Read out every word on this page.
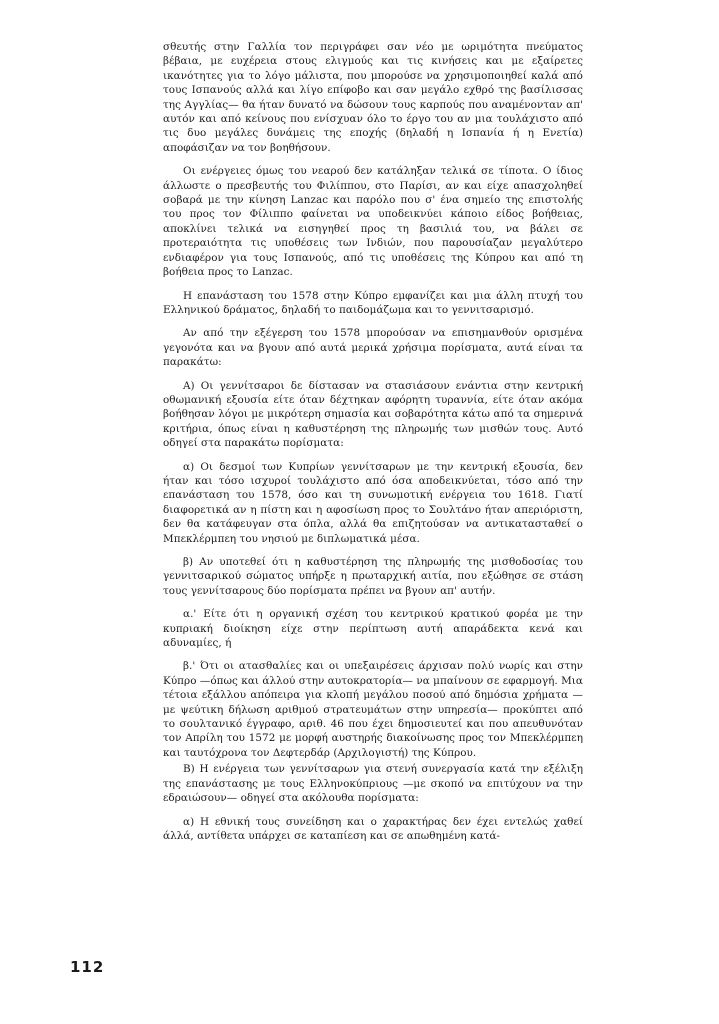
σθευτής στην Γαλλία τον περιγράφει σαν νέο με ωριμότητα πνεύματος βέβαια, με ευχέρεια στους ελιγμούς και τις κινήσεις και με εξαίρετες ικανότητες για το λόγο μάλιστα, που μπορούσε να χρησιμοποιηθεί καλά από τους Ισπανούς αλλά και λίγο επίφοβο και σαν μεγάλο εχθρό της βασίλισσας της Αγγλίας— θα ήταν δυνατό να δώσουν τους καρπούς που αναμένονταν απ' αυτόν και από κείνους που ενίσχυαν όλο το έργο του αν μια τουλάχιστο από τις δυο μεγάλες δυνάμεις της εποχής (δηλαδή η Ισπανία ή η Ενετία) αποφάσιζαν να τον βοηθήσουν.

Οι ενέργειες όμως του νεαρού δεν κατάληξαν τελικά σε τίποτα. Ο ίδιος άλλωστε ο πρεσβευτής του Φιλίππου, στο Παρίσι, αν και είχε απασχοληθεί σοβαρά με την κίνηση Lanzac και παρόλο που σ' ένα σημείο της επιστολής του προς τον Φίλιππο φαίνεται να υποδεικνύει κάποιο είδος βοήθειας, αποκλίνει τελικά να εισηγηθεί προς τη βασιλιά του, να βάλει σε προτεραιότητα τις υποθέσεις των Ινδιών, που παρουσίαζαν μεγαλύτερο ενδιαφέρον για τους Ισπανούς, από τις υποθέσεις της Κύπρου και από τη βοήθεια προς το Lanzac.

Η επανάσταση του 1578 στην Κύπρο εμφανίζει και μια άλλη πτυχή του Ελληνικού δράματος, δηλαδή το παιδομάζωμα και το γεννιτσαρισμό.

Αν από την εξέγερση του 1578 μπορούσαν να επισημανθούν ορισμένα γεγονότα και να βγουν από αυτά μερικά χρήσιμα πορίσματα, αυτά είναι τα παρακάτω:

Α) Οι γεννίτσαροι δε δίστασαν να στασιάσουν ενάντια στην κεντρική οθωμανική εξουσία είτε όταν δέχτηκαν αφόρητη τυραννία, είτε όταν ακόμα βοήθησαν λόγοι με μικρότερη σημασία και σοβαρότητα κάτω από τα σημερινά κριτήρια, όπως είναι η καθυστέρηση της πληρωμής των μισθών τους. Αυτό οδηγεί στα παρακάτω πορίσματα:

α) Οι δεσμοί των Κυπρίων γεννίτσαρων με την κεντρική εξουσία, δεν ήταν και τόσο ισχυροί τουλάχιστο από όσα αποδεικνύεται, τόσο από την επανάσταση του 1578, όσο και τη συνωμοτική ενέργεια του 1618. Γιατί διαφορετικά αν η πίστη και η αφοσίωση προς το Σουλτάνο ήταν απεριόριστη, δεν θα κατάφευγαν στα όπλα, αλλά θα επιζητούσαν να αντικατασταθεί ο Μπεκλέρμπεη του νησιού με διπλωματικά μέσα.

β) Αν υποτεθεί ότι η καθυστέρηση της πληρωμής της μισθοδοσίας του γεννιτσαρικού σώματος υπήρξε η πρωταρχική αιτία, που εξώθησε σε στάση τους γεννίτσαρους δύο πορίσματα πρέπει να βγουν απ' αυτήν.

α.' Είτε ότι η οργανική σχέση του κεντρικού κρατικού φορέα με την κυπριακή διοίκηση είχε στην περίπτωση αυτή απαράδεκτα κενά και αδυναμίες, ή

β.' Ότι οι ατασθαλίες και οι υπεξαιρέσεις άρχισαν πολύ νωρίς και στην Κύπρο —όπως και άλλού στην αυτοκρατορία— να μπαίνουν σε εφαρμογή. Μια τέτοια εξάλλου απόπειρα για κλοπή μεγάλου ποσού από δημόσια χρήματα —με ψεύτικη δήλωση αριθμού στρατευμάτων στην υπηρεσία— προκύπτει από το σουλτανικό έγγραφο, αριθ. 46 που έχει δημοσιευτεί και που απευθυνόταν τον Απρίλη του 1572 με μορφή αυστηρής διακοίνωσης προς τον Μπεκλέρμπεη και ταυτόχρονα τον Δεφτερδάρ (Αρχιλογιστή) της Κύπρου.

Β) Η ενέργεια των γεννίτσαρων για στενή συνεργασία κατά την εξέλιξη της επανάστασης με τους Ελληνοκύπριους —με σκοπό να επιτύχουν να την εδραιώσουν— οδηγεί στα ακόλουθα πορίσματα:

α) Η εθνική τους συνείδηση και ο χαρακτήρας δεν έχει εντελώς χαθεί άλλά, αντίθετα υπάρχει σε καταπίεση και σε απωθημένη κατά-

112
